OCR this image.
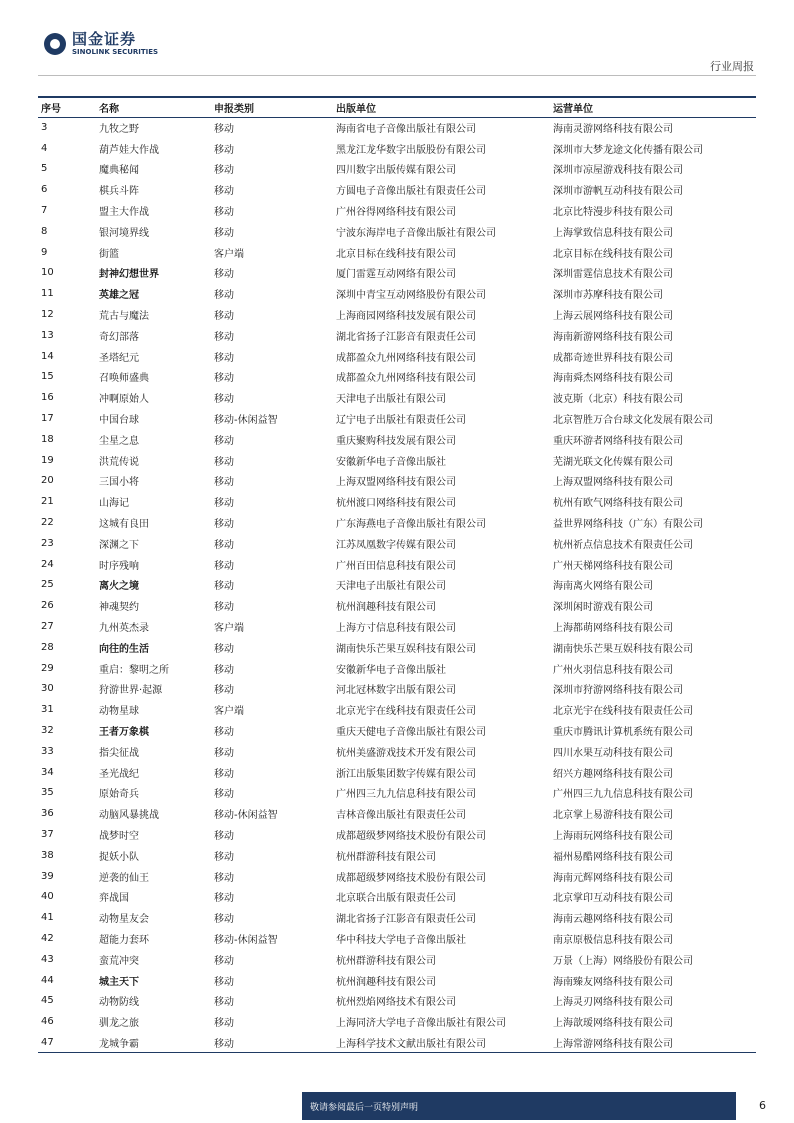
国金证券
SINOLINK SECURITIES
行业周报
序号	名称	申报类别	出版单位	运营单位
3	九牧之野	移动	海南省电子音像出版社有限公司	海南灵游网络科技有限公司
4	葫芦娃大作战	移动	黑龙江龙华数字出版股份有限公司	深圳市大梦龙途文化传播有限公司
5	魔典秘闻	移动	四川数字出版传媒有限公司	深圳市凉屋游戏科技有限公司
6	棋兵斗阵	移动	方圆电子音像出版社有限责任公司	深圳市游帆互动科技有限公司
7	盟主大作战	移动	广州谷得网络科技有限公司	北京比特漫步科技有限公司
8	银河境界线	移动	宁波东海岸电子音像出版社有限公司	上海掌致信息科技有限公司
9	街篮	客户端	北京目标在线科技有限公司	北京目标在线科技有限公司
10	封神幻想世界	移动	厦门雷霆互动网络有限公司	深圳雷霆信息技术有限公司
11	英雄之冠	移动	深圳中青宝互动网络股份有限公司	深圳市苏摩科技有限公司
12	荒古与魔法	移动	上海商园网络科技发展有限公司	上海云展网络科技有限公司
13	奇幻部落	移动	湖北省扬子江影音有限责任公司	海南新游网络科技有限公司
14	圣塔纪元	移动	成都盈众九州网络科技有限公司	成都奇迹世界科技有限公司
15	召唤师盛典	移动	成都盈众九州网络科技有限公司	海南舜杰网络科技有限公司
16	冲啊原始人	移动	天津电子出版社有限公司	波克斯（北京）科技有限公司
17	中国台球	移动-休闲益智	辽宁电子出版社有限责任公司	北京智胜万合台球文化发展有限公司
18	尘星之息	移动	重庆聚购科技发展有限公司	重庆环游者网络科技有限公司
19	洪荒传说	移动	安徽新华电子音像出版社	芜湖光联文化传媒有限公司
20	三国小将	移动	上海双盟网络科技有限公司	上海双盟网络科技有限公司
21	山海记	移动	杭州渡口网络科技有限公司	杭州有欧气网络科技有限公司
22	这城有良田	移动	广东海燕电子音像出版社有限公司	益世界网络科技（广东）有限公司
23	深渊之下	移动	江苏凤凰数字传媒有限公司	杭州祈点信息技术有限责任公司
24	时序残响	移动	广州百田信息科技有限公司	广州天梯网络科技有限公司
25	离火之境	移动	天津电子出版社有限公司	海南离火网络有限公司
26	神魂契约	移动	杭州润趣科技有限公司	深圳闲时游戏有限公司
27	九州英杰录	客户端	上海方寸信息科技有限公司	上海都萌网络科技有限公司
28	向往的生活	移动	湖南快乐芒果互娱科技有限公司	湖南快乐芒果互娱科技有限公司
29	重启：黎明之所	移动	安徽新华电子音像出版社	广州火羽信息科技有限公司
30	狩游世界·起源	移动	河北冠林数字出版有限公司	深圳市狩游网络科技有限公司
31	动物星球	客户端	北京光宇在线科技有限责任公司	北京光宇在线科技有限责任公司
32	王者万象棋	移动	重庆天健电子音像出版社有限公司	重庆市腾讯计算机系统有限公司
33	指尖征战	移动	杭州美盛游戏技术开发有限公司	四川水果互动科技有限公司
34	圣光战纪	移动	浙江出版集团数字传媒有限公司	绍兴方趣网络科技有限公司
35	原始奇兵	移动	广州四三九九信息科技有限公司	广州四三九九信息科技有限公司
36	动脑风暴挑战	移动-休闲益智	吉林音像出版社有限责任公司	北京掌上易游科技有限公司
37	战梦时空	移动	成都超级梦网络技术股份有限公司	上海雨玩网络科技有限公司
38	捉妖小队	移动	杭州群游科技有限公司	福州易酷网络科技有限公司
39	逆袭的仙王	移动	成都超级梦网络技术股份有限公司	海南元辉网络科技有限公司
40	弈战国	移动	北京联合出版有限责任公司	北京掌印互动科技有限公司
41	动物星友会	移动	湖北省扬子江影音有限责任公司	海南云趣网络科技有限公司
42	超能力套环	移动-休闲益智	华中科技大学电子音像出版社	南京原极信息科技有限公司
43	蛮荒冲突	移动	杭州群游科技有限公司	万景（上海）网络股份有限公司
44	城主天下	移动	杭州润趣科技有限公司	海南臻友网络科技有限公司
45	动物防线	移动	杭州烈焰网络技术有限公司	上海灵刃网络科技有限公司
46	驯龙之旅	移动	上海同济大学电子音像出版社有限公司	上海歆瑷网络科技有限公司
47	龙城争霸	移动	上海科学技术文献出版社有限公司	上海常游网络科技有限公司
敬请参阅最后一页特别声明	6
